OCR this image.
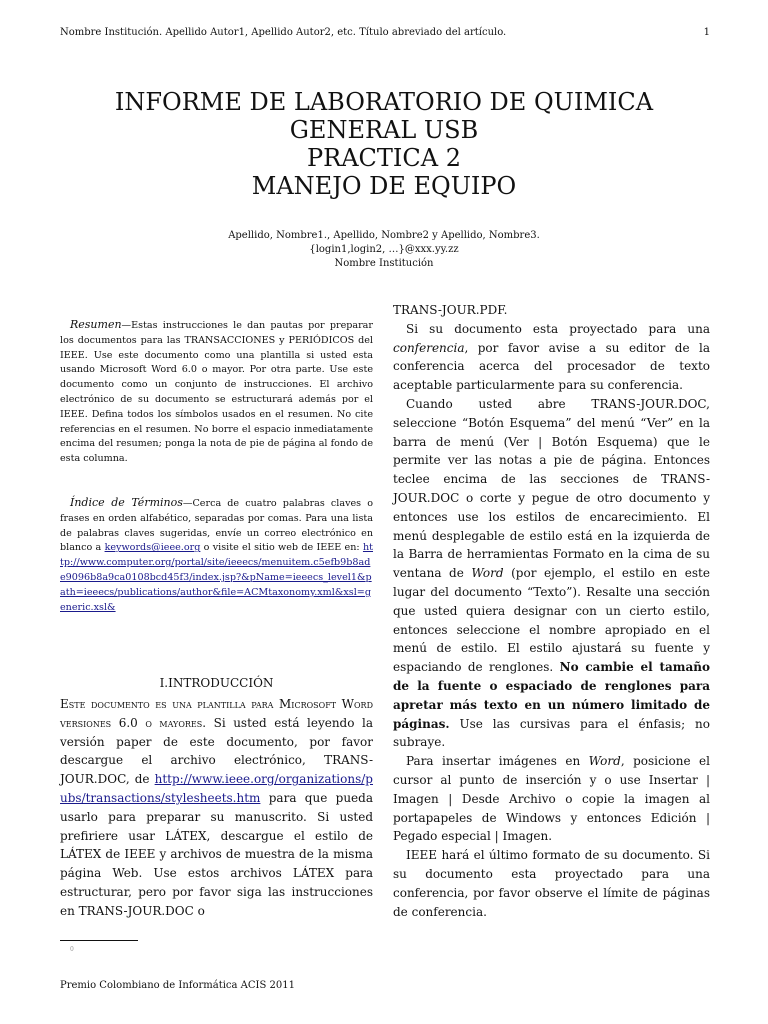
Nombre Institución. Apellido Autor1, Apellido Autor2, etc. Título abreviado del artículo.	1
INFORME DE LABORATORIO DE QUIMICA
GENERAL USB
PRACTICA 2
MANEJO DE EQUIPO
Apellido, Nombre1., Apellido, Nombre2 y Apellido, Nombre3.
{login1,login2, …}@xxx.yy.zz
Nombre Institución
Resumen—Estas instrucciones le dan pautas por preparar los documentos para las TRANSACCIONES y PERIÓDICOS del IEEE. Use este documento como una plantilla si usted esta usando Microsoft Word 6.0 o mayor. Por otra parte. Use este documento como un conjunto de instrucciones. El archivo electrónico de su documento se estructurará además por el IEEE. Defina todos los símbolos usados en el resumen. No cite referencias en el resumen. No borre el espacio inmediatamente encima del resumen; ponga la nota de pie de página al fondo de esta columna.
Índice de Términos—Cerca de cuatro palabras claves o frases en orden alfabético, separadas por comas. Para una lista de palabras claves sugeridas, envíe un correo electrónico en blanco a keywords@ieee.org o visite el sitio web de IEEE en: http://www.computer.org/portal/site/ieeecs/menuitem.c5efb9b8ade9096b8a9ca0108bcd45f3/index.jsp?&pName=ieeecs_level1&path=ieeecs/publications/author&file=ACMtaxonomy.xml&xsl=generic.xsl&
I.INTRODUCCIÓN

Este documento es una plantilla para Microsoft Word versiones 6.0 o mayores. Si usted está leyendo la versión paper de este documento, por favor descargue el archivo electrónico, TRANS-JOUR.DOC, de http://www.ieee.org/organizations/pubs/transactions/stylesheets.htm para que pueda usarlo para preparar su manuscrito. Si usted prefiriere usar LÁTEX, descargue el estilo de LÁTEX de IEEE y archivos de muestra de la misma página Web. Use estos archivos LÁTEX para estructurar, pero por favor siga las instrucciones en TRANS-JOUR.DOC o

TRANS-JOUR.PDF.

Si su documento esta proyectado para una conferencia, por favor avise a su editor de la conferencia acerca del procesador de texto aceptable particularmente para su conferencia.

Cuando usted abre TRANS-JOUR.DOC, seleccione “Botón Esquema” del menú “Ver” en la barra de menú (Ver | Botón Esquema) que le permite ver las notas a pie de página. Entonces teclee encima de las secciones de TRANS-JOUR.DOC o corte y pegue de otro documento y entonces use los estilos de encarecimiento. El menú desplegable de estilo está en la izquierda de la Barra de herramientas Formato en la cima de su ventana de Word (por ejemplo, el estilo en este lugar del documento “Texto”). Resalte una sección que usted quiera designar con un cierto estilo, entonces seleccione el nombre apropiado en el menú de estilo. El estilo ajustará su fuente y espaciando de renglones. No cambie el tamaño de la fuente o espaciado de renglones para apretar más texto en un número limitado de páginas. Use las cursivas para el énfasis; no subraye.

Para insertar imágenes en Word, posicione el cursor al punto de inserción y o use Insertar | Imagen | Desde Archivo o copie la imagen al portapapeles de Windows y entonces Edición | Pegado especial | Imagen.

IEEE hará el último formato de su documento. Si su documento esta proyectado para una conferencia, por favor observe el límite de páginas de conferencia.

0
Premio Colombiano de Informática ACIS 2011
